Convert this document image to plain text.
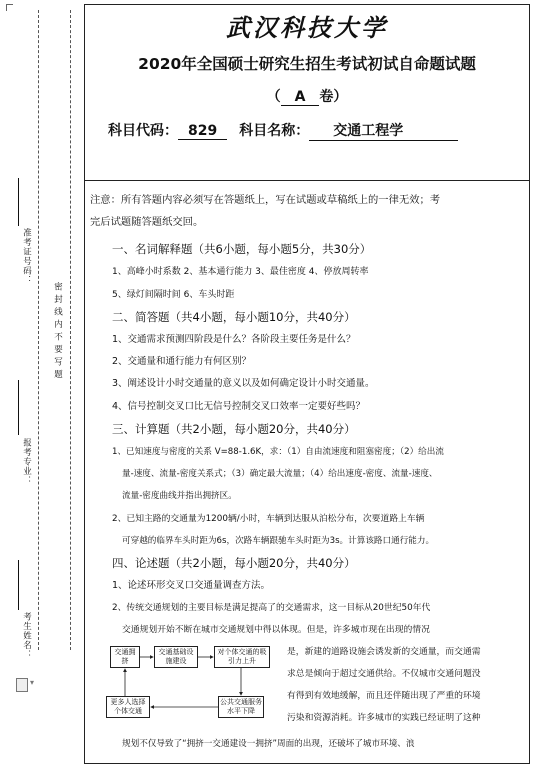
准考证号码：
密封线内不要写题
报考专业：
考生姓名：
▾
武汉科技大学
2020年全国硕士研究生招生考试初试自命题试题
（ A 卷）
科目代码： 829 科目名称： 交通工程学
注意：所有答题内容必须写在答题纸上，写在试题或草稿纸上的一律无效；考
完后试题随答题纸交回。
一、名词解释题（共6小题，每小题5分，共30分）
1、高峰小时系数 2、基本通行能力 3、最佳密度 4、停放周转率
5、绿灯间隔时间 6、车头时距
二、简答题（共4小题，每小题10分，共40分）
1、交通需求预测四阶段是什么？各阶段主要任务是什么？
2、交通量和通行能力有何区别？
3、阐述设计小时交通量的意义以及如何确定设计小时交通量。
4、信号控制交叉口比无信号控制交叉口效率一定要好些吗？
三、计算题（共2小题，每小题20分，共40分）
1、已知速度与密度的关系 V=88-1.6K，求：（1）自由流速度和阻塞密度；（2）给出流
量-速度、流量-密度关系式；（3）确定最大流量；（4）给出速度-密度、流量-速度、
流量-密度曲线并指出拥挤区。
2、已知主路的交通量为1200辆/小时，车辆到达服从泊松分布，次要道路上车辆
可穿越的临界车头时距为6s，次路车辆跟驰车头时距为3s。计算该路口通行能力。
四、论述题（共2小题，每小题20分，共40分）
1、论述环形交叉口交通量调查方法。
2、传统交通规划的主要目标是满足提高了的交通需求，这一目标从20世纪50年代
交通规划开始不断在城市交通规划中得以体现。但是，许多城市现在出现的情况
是，新建的道路设施会诱发新的交通量，而交通需
求总是倾向于超过交通供给。不仅城市交通问题没
有得到有效地缓解，而且还伴随出现了严重的环境
污染和资源消耗。许多城市的实践已经证明了这种
规划不仅导致了“拥挤一交通建设一拥挤”周面的出现，还破坏了城市环境、浪
交通拥挤
交通基础设施建设
对个体交通的吸引力上升
公共交通服务水平下降
更多人选择个体交通
